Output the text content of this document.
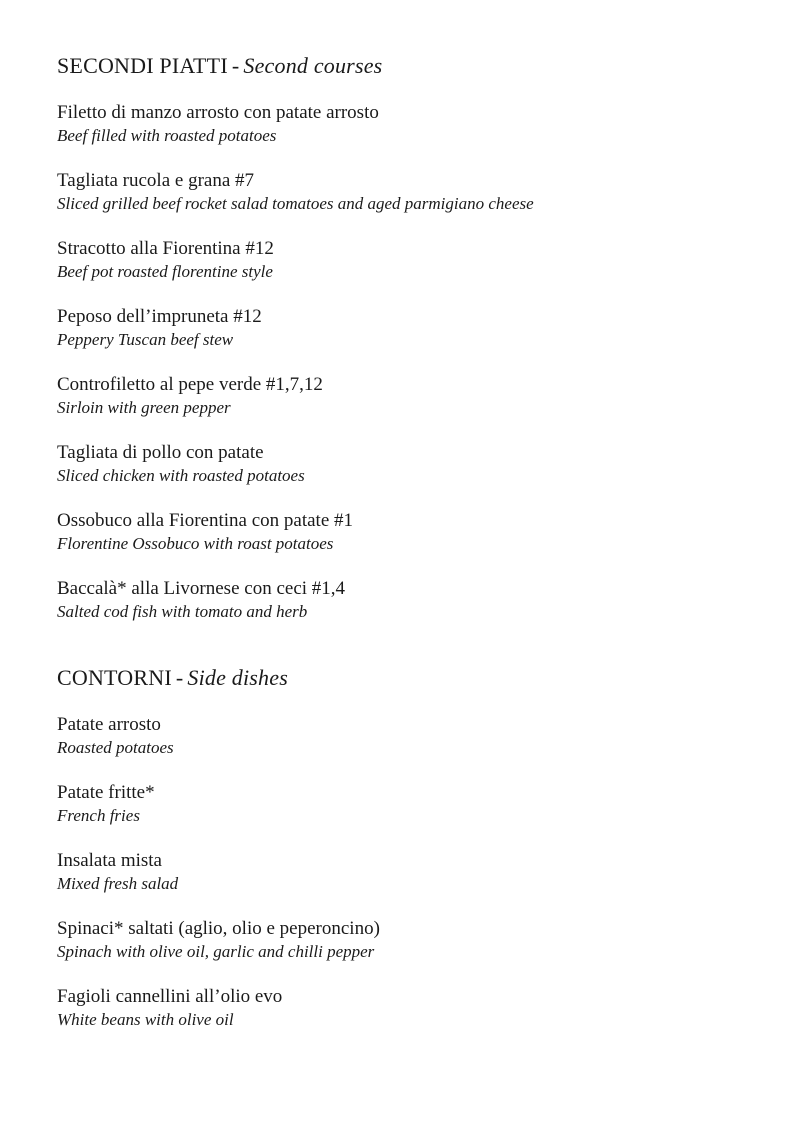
SECONDI PIATTI - Second courses
Filetto di manzo arrosto con patate arrosto
Beef filled with roasted potatoes
Tagliata rucola e grana #7
Sliced grilled beef rocket salad tomatoes and aged parmigiano cheese
Stracotto alla Fiorentina #12
Beef pot roasted florentine style
Peposo dell’impruneta #12
Peppery Tuscan beef stew
Controfiletto al pepe verde #1,7,12
Sirloin with green pepper
Tagliata di pollo con patate
Sliced chicken with roasted potatoes
Ossobuco alla Fiorentina con patate #1
Florentine Ossobuco with roast potatoes
Baccalà* alla Livornese con ceci #1,4
Salted cod fish with tomato and herb
CONTORNI - Side dishes
Patate arrosto
Roasted potatoes
Patate fritte*
French fries
Insalata mista
Mixed fresh salad
Spinaci* saltati (aglio, olio e peperoncino)
Spinach with olive oil, garlic and chilli pepper
Fagioli cannellini all’olio evo
White beans with olive oil
